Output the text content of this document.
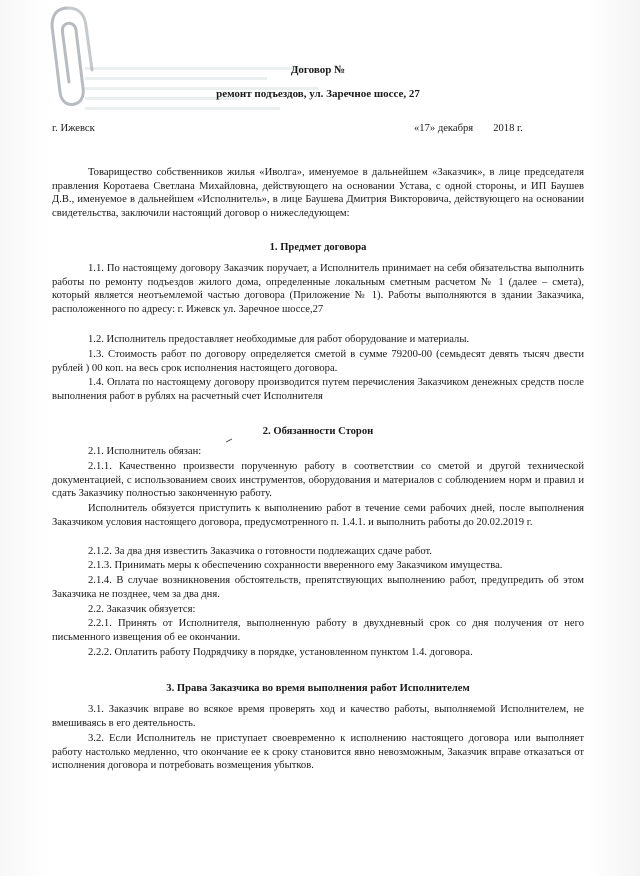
Договор №
ремонт подъездов, ул. Заречное шоссе, 27
г. Ижевск	«17» декабря 2018 г.
Товарищество собственников жилья «Иволга», именуемое в дальнейшем «Заказчик», в лице председателя правления Коротаева Светлана Михайловна, действующего на основании Устава, с одной стороны, и ИП Баушев Д.В., именуемое в дальнейшем «Исполнитель», в лице Баушева Дмитрия Викторовича, действующего на основании свидетельства, заключили настоящий договор о нижеследующем:
1. Предмет договора
1.1. По настоящему договору Заказчик поручает, а Исполнитель принимает на себя обязательства выполнить работы по ремонту подъездов жилого дома, определенные локальным сметным расчетом № 1 (далее – смета), который является неотъемлемой частью договора (Приложение № 1). Работы выполняются в здании Заказчика, расположенного по адресу: г. Ижевск ул. Заречное шоссе,27
1.2. Исполнитель предоставляет необходимые для работ оборудование и материалы.
1.3. Стоимость работ по договору определяется сметой в сумме 79200-00 (семьдесят девять тысяч двести рублей ) 00 коп. на весь срок исполнения настоящего договора.
1.4. Оплата по настоящему договору производится путем перечисления Заказчиком денежных средств после выполнения работ в рублях на расчетный счет Исполнителя
2. Обязанности Сторон
2.1. Исполнитель обязан:
2.1.1. Качественно произвести порученную работу в соответствии со сметой и другой технической документацией, с использованием своих инструментов, оборудования и материалов с соблюдением норм и правил и сдать Заказчику полностью законченную работу.
Исполнитель обязуется приступить к выполнению работ в течение семи рабочих дней, после выполнения Заказчиком условия настоящего договора, предусмотренного п. 1.4.1. и выполнить работы до 20.02.2019 г.
2.1.2. За два дня известить Заказчика о готовности подлежащих сдаче работ.
2.1.3. Принимать меры к обеспечению сохранности вверенного ему Заказчиком имущества.
2.1.4. В случае возникновения обстоятельств, препятствующих выполнению работ, предупредить об этом Заказчика не позднее, чем за два дня.
2.2. Заказчик обязуется:
2.2.1. Принять от Исполнителя, выполненную работу в двухдневный срок со дня получения от него письменного извещения об ее окончании.
2.2.2. Оплатить работу Подрядчику в порядке, установленном пунктом 1.4. договора.
3. Права Заказчика во время выполнения работ Исполнителем
3.1. Заказчик вправе во всякое время проверять ход и качество работы, выполняемой Исполнителем, не вмешиваясь в его деятельность.
3.2. Если Исполнитель не приступает своевременно к исполнению настоящего договора или выполняет работу настолько медленно, что окончание ее к сроку становится явно невозможным, Заказчик вправе отказаться от исполнения договора и потребовать возмещения убытков.
